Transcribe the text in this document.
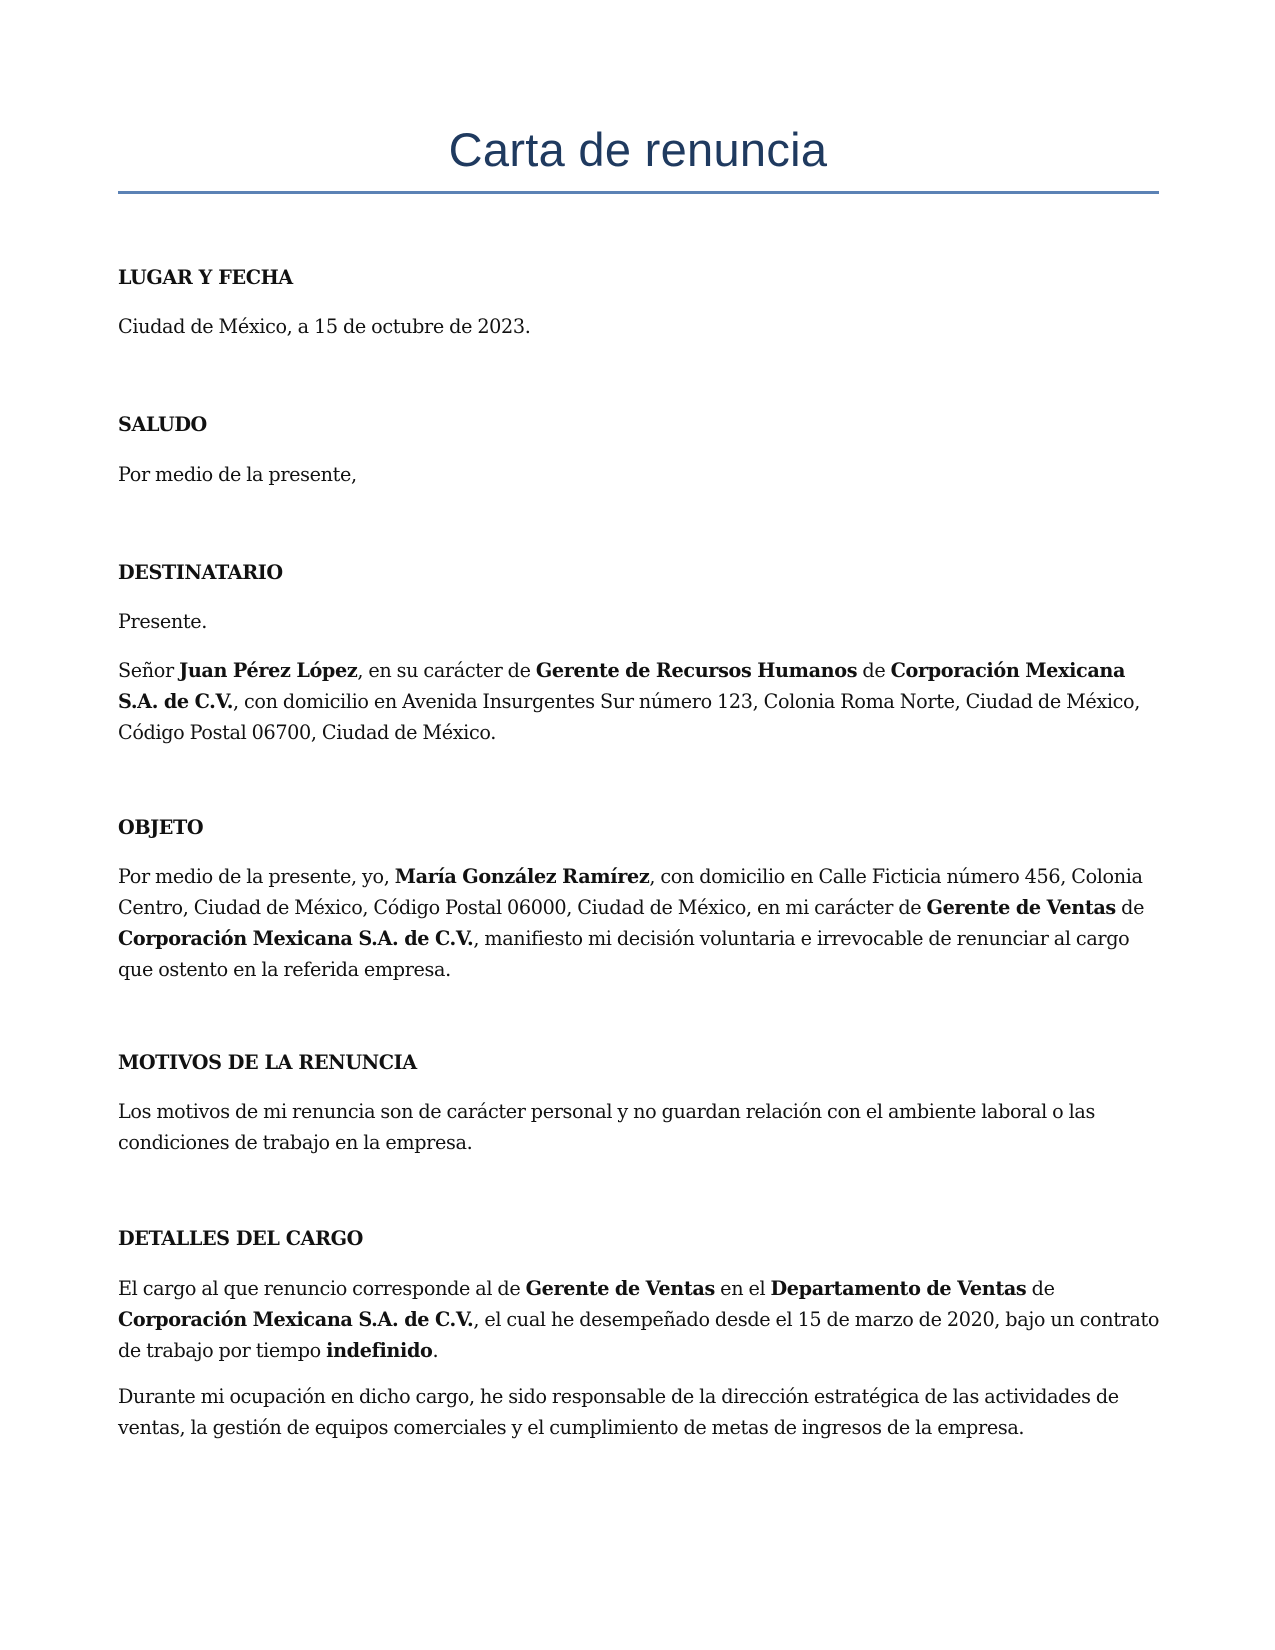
Carta de renuncia
LUGAR Y FECHA
Ciudad de México, a 15 de octubre de 2023.
SALUDO
Por medio de la presente,
DESTINATARIO
Presente.
Señor Juan Pérez López, en su carácter de Gerente de Recursos Humanos de Corporación Mexicana S.A. de C.V., con domicilio en Avenida Insurgentes Sur número 123, Colonia Roma Norte, Ciudad de México, Código Postal 06700, Ciudad de México.
OBJETO
Por medio de la presente, yo, María González Ramírez, con domicilio en Calle Ficticia número 456, Colonia Centro, Ciudad de México, Código Postal 06000, Ciudad de México, en mi carácter de Gerente de Ventas de Corporación Mexicana S.A. de C.V., manifiesto mi decisión voluntaria e irrevocable de renunciar al cargo que ostento en la referida empresa.
MOTIVOS DE LA RENUNCIA
Los motivos de mi renuncia son de carácter personal y no guardan relación con el ambiente laboral o las condiciones de trabajo en la empresa.
DETALLES DEL CARGO
El cargo al que renuncio corresponde al de Gerente de Ventas en el Departamento de Ventas de Corporación Mexicana S.A. de C.V., el cual he desempeñado desde el 15 de marzo de 2020, bajo un contrato de trabajo por tiempo indefinido.
Durante mi ocupación en dicho cargo, he sido responsable de la dirección estratégica de las actividades de ventas, la gestión de equipos comerciales y el cumplimiento de metas de ingresos de la empresa.
